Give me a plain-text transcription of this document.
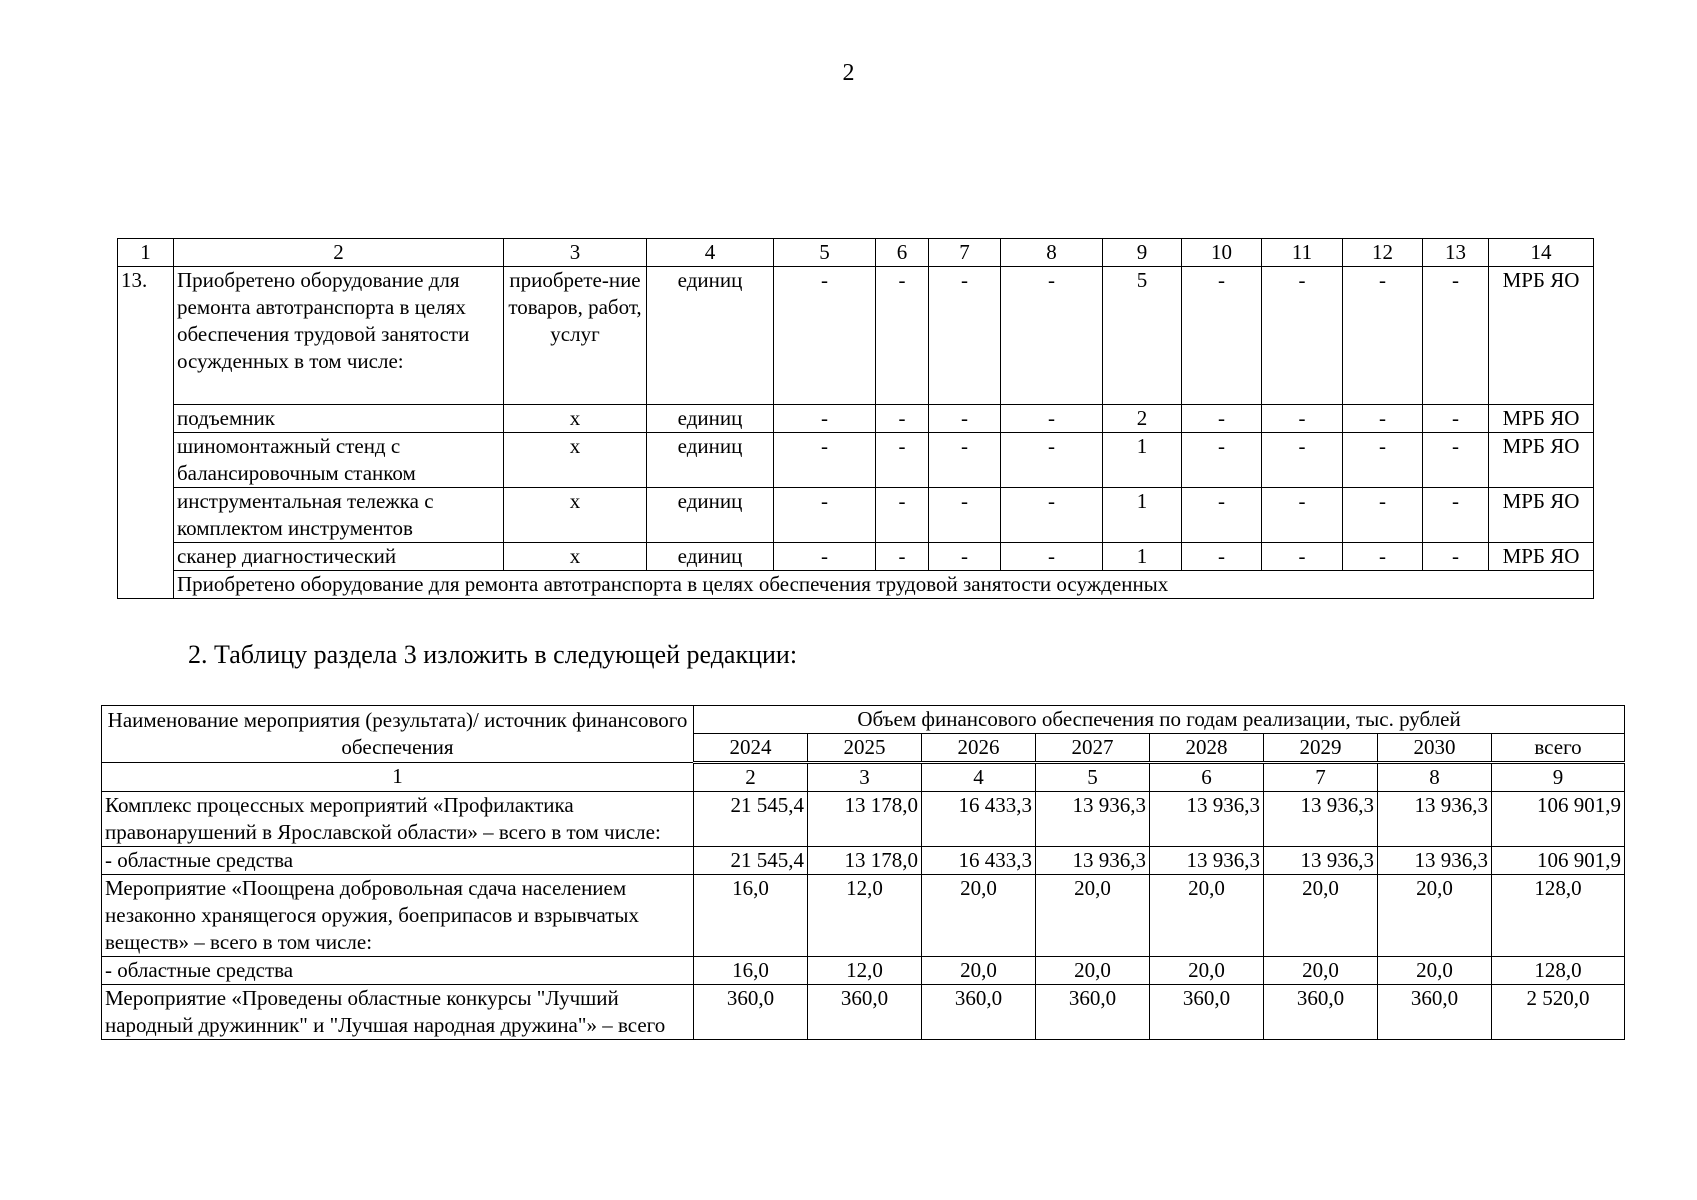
2
1	2	3	4	5	6	7	8	9	10	11	12	13	14
13.	Приобретено оборудование для ремонта автотранспорта в целях обеспечения трудовой занятости осужденных в том числе:	приобрете-ние товаров, работ, услуг	единиц	-	-	-	-	5	-	-	-	-	МРБ ЯО
	подъемник	х	единиц	-	-	-	-	2	-	-	-	-	МРБ ЯО
	шиномонтажный стенд с балансировочным станком	х	единиц	-	-	-	-	1	-	-	-	-	МРБ ЯО
	инструментальная тележка с комплектом инструментов	х	единиц	-	-	-	-	1	-	-	-	-	МРБ ЯО
	сканер диагностический	х	единиц	-	-	-	-	1	-	-	-	-	МРБ ЯО
	Приобретено оборудование для ремонта автотранспорта в целях обеспечения трудовой занятости осужденных												
2. Таблицу раздела 3 изложить в следующей редакции:
Наименование мероприятия (результата)/ источник финансового обеспечения	Объем финансового обеспечения по годам реализации, тыс. рублей							
	2024	2025	2026	2027	2028	2029	2030	всего
1	2	3	4	5	6	7	8	9
Комплекс процессных мероприятий «Профилактика правонарушений в Ярославской области» – всего в том числе:	21 545,4	13 178,0	16 433,3	13 936,3	13 936,3	13 936,3	13 936,3	106 901,9
- областные средства	21 545,4	13 178,0	16 433,3	13 936,3	13 936,3	13 936,3	13 936,3	106 901,9
Мероприятие «Поощрена добровольная сдача населением незаконно хранящегося оружия, боеприпасов и взрывчатых веществ» – всего в том числе:	16,0	12,0	20,0	20,0	20,0	20,0	20,0	128,0
- областные средства	16,0	12,0	20,0	20,0	20,0	20,0	20,0	128,0
Мероприятие «Проведены областные конкурсы "Лучший народный дружинник" и "Лучшая народная дружина"» – всего	360,0	360,0	360,0	360,0	360,0	360,0	360,0	2 520,0
